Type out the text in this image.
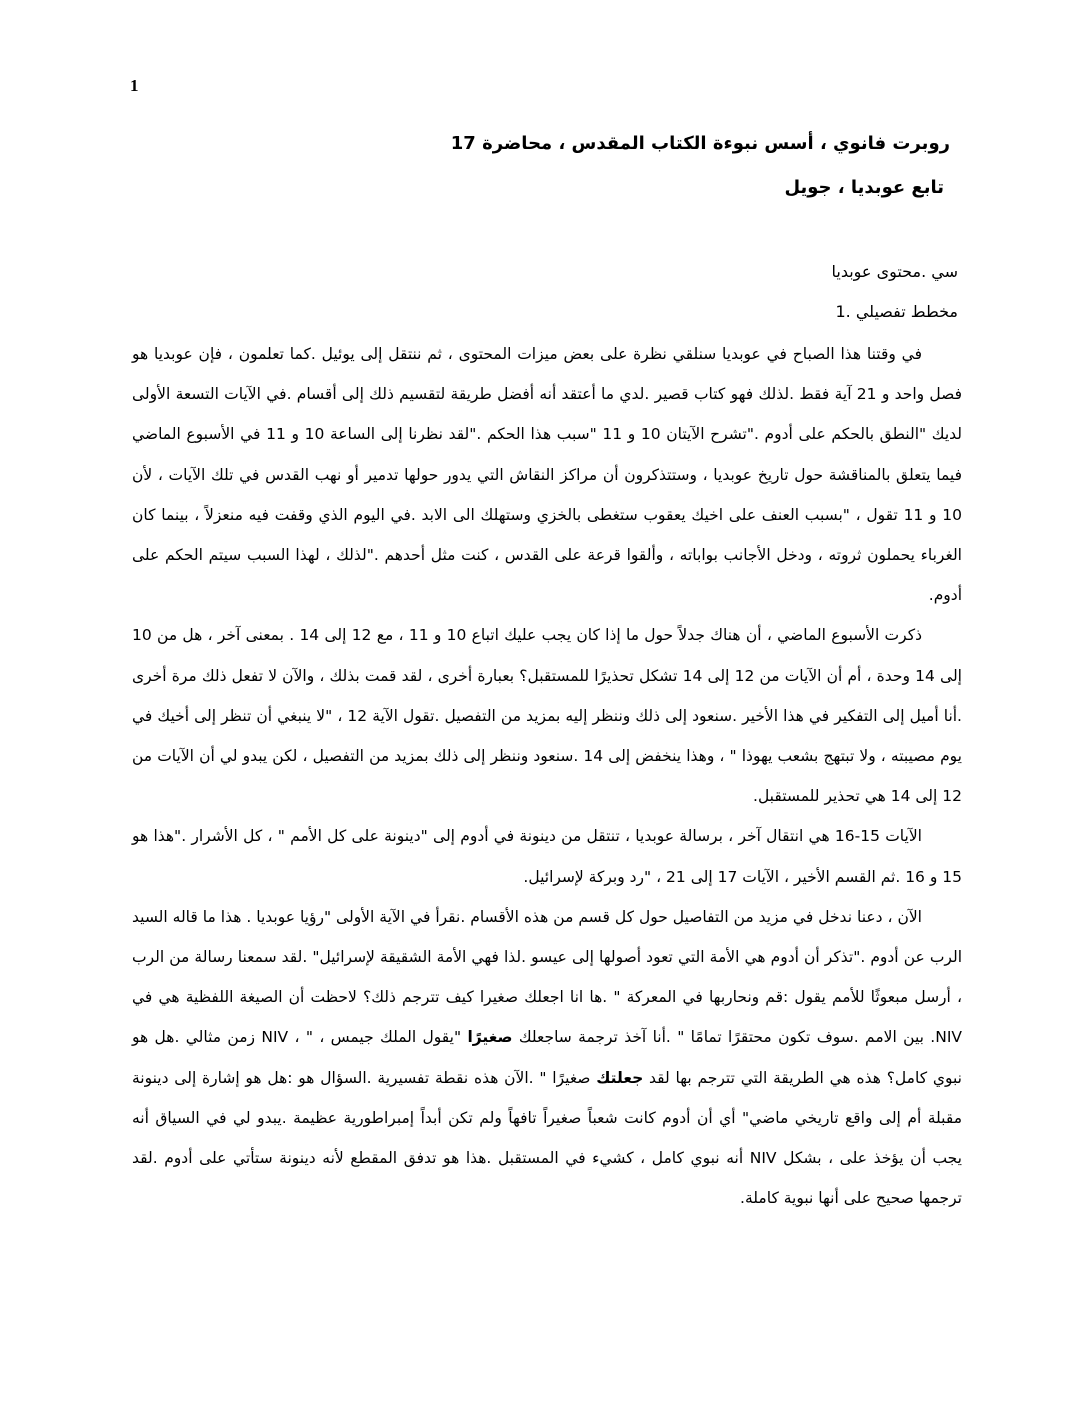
1
روبرت فانوي ، أسس نبوءة الكتاب المقدس ، محاضرة 17
تابع عوبديا ، جويل
سي .محتوى عوبديا
مخطط تفصيلي .1

في وقتنا هذا الصباح في عوبديا سنلقي نظرة على بعض ميزات المحتوى ، ثم ننتقل إلى يوئيل .كما تعلمون ، فإن عوبديا هو فصل واحد و 21 آية فقط .لذلك فهو كتاب قصير .لدي ما أعتقد أنه أفضل طريقة لتقسيم ذلك إلى أقسام .في الآيات التسعة الأولى لديك "النطق بالحكم على أدوم ."تشرح الآيتان 10 و 11 "سبب هذا الحكم ."لقد نظرنا إلى الساعة 10 و 11 في الأسبوع الماضي فيما يتعلق بالمناقشة حول تاريخ عوبديا ، وستتذكرون أن مراكز النقاش التي يدور حولها تدمير أو نهب القدس في تلك الآيات ، لأن 10 و 11 تقول ، "بسبب العنف على اخيك يعقوب ستغطى بالخزي وستهلك الى الابد .في اليوم الذي وقفت فيه منعزلاً ، بينما كان الغرباء يحملون ثروته ، ودخل الأجانب بواباته ، وألقوا قرعة على القدس ، كنت مثل أحدهم ."لذلك ، لهذا السبب سيتم الحكم على أدوم.

ذكرت الأسبوع الماضي ، أن هناك جدلاً حول ما إذا كان يجب عليك اتباع 10 و 11 ، مع 12 إلى 14 . بمعنى آخر ، هل من 10 إلى 14 وحدة ، أم أن الآيات من 12 إلى 14 تشكل تحذيرًا للمستقبل؟ بعبارة أخرى ، لقد قمت بذلك ، والآن لا تفعل ذلك مرة أخرى .أنا أميل إلى التفكير في هذا الأخير .سنعود إلى ذلك وننظر إليه بمزيد من التفصيل .تقول الآية 12 ، "لا ينبغي أن تنظر إلى أخيك في يوم مصيبته ، ولا تبتهج بشعب يهوذا " ، وهذا ينخفض إلى 14 .سنعود وننظر إلى ذلك بمزيد من التفصيل ، لكن يبدو لي أن الآيات من 12 إلى 14 هي تحذير للمستقبل.

الآيات 15-16 هي انتقال آخر ، برسالة عوبديا ، تنتقل من دينونة في أدوم إلى "دينونة على كل الأمم " ، كل الأشرار ."هذا هو 15 و 16 .ثم القسم الأخير ، الآيات 17 إلى 21 ، "رد وبركة لإسرائيل.

الآن ، دعنا ندخل في مزيد من التفاصيل حول كل قسم من هذه الأقسام .نقرأ في الآية الأولى "رؤيا عوبديا . هذا ما قاله السيد الرب عن أدوم ."تذكر أن أدوم هي الأمة التي تعود أصولها إلى عيسو .لذا فهي الأمة الشقيقة لإسرائيل" .لقد سمعنا رسالة من الرب ، أرسل مبعوثًا للأمم يقول :قم ونحاربها في المعركة " .ها انا اجعلك صغيرا كيف تترجم ذلك؟ لاحظت أن الصيغة اللفظية هي في NIV. بين الامم .سوف تكون محتقرًا تمامًا " .أنا آخذ ترجمة ساجعلك صغيرًا "يقول الملك جيمس ، " ، NIV زمن مثالي .هل هو نبوي كامل؟ هذه هي الطريقة التي تترجم بها لقد جعلتك صغيرًا " .الآن هذه نقطة تفسيرية .السؤال هو :هل هو إشارة إلى دينونة مقبلة أم إلى واقع تاريخي ماضي" أي أن أدوم كانت شعباً صغيراً تافهاً ولم تكن أبداً إمبراطورية عظيمة .يبدو لي في السياق أنه يجب أن يؤخذ على ، بشكل NIV أنه نبوي كامل ، كشيء في المستقبل .هذا هو تدفق المقطع لأنه دينونة ستأتي على أدوم .لقد ترجمها صحيح على أنها نبوية كاملة.
